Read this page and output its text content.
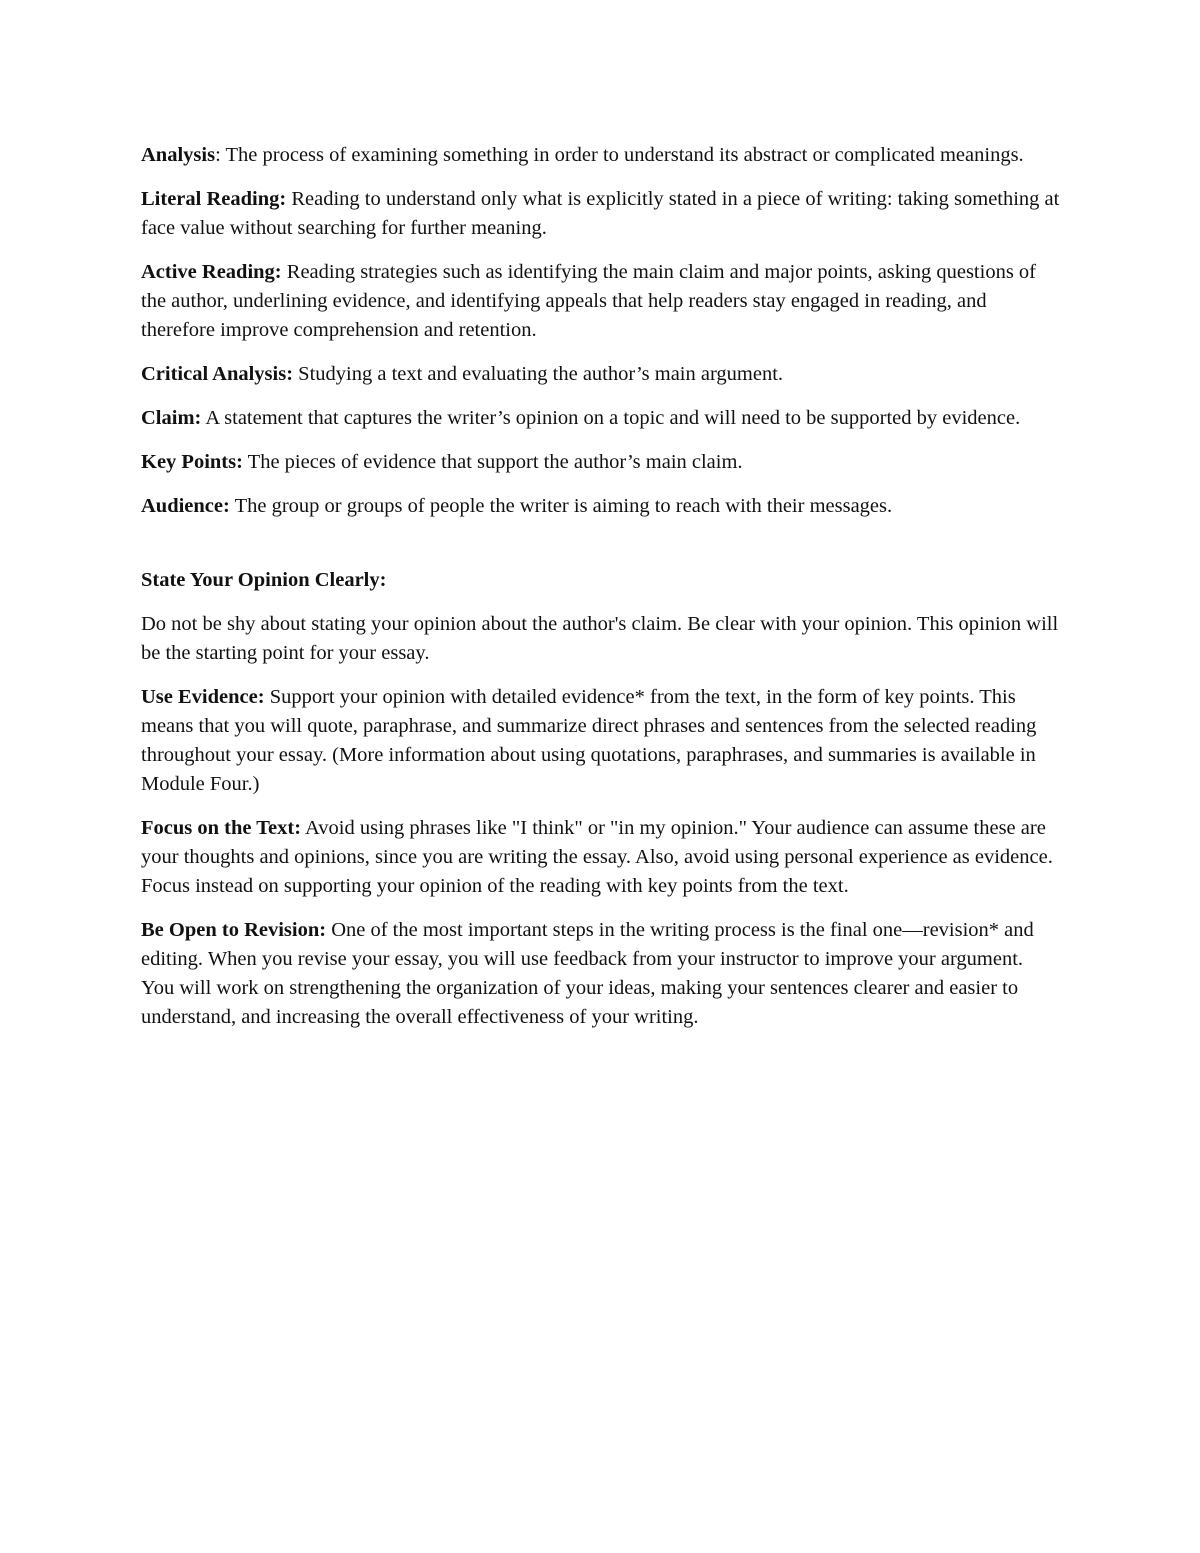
Analysis: The process of examining something in order to understand its abstract or complicated meanings.

Literal Reading: Reading to understand only what is explicitly stated in a piece of writing: taking something at face value without searching for further meaning.

Active Reading: Reading strategies such as identifying the main claim and major points, asking questions of the author, underlining evidence, and identifying appeals that help readers stay engaged in reading, and therefore improve comprehension and retention.

Critical Analysis: Studying a text and evaluating the author’s main argument.

Claim: A statement that captures the writer’s opinion on a topic and will need to be supported by evidence.

Key Points: The pieces of evidence that support the author’s main claim.

Audience: The group or groups of people the writer is aiming to reach with their messages.

State Your Opinion Clearly:

Do not be shy about stating your opinion about the author's claim. Be clear with your opinion. This opinion will be the starting point for your essay.

Use Evidence: Support your opinion with detailed evidence* from the text, in the form of key points. This means that you will quote, paraphrase, and summarize direct phrases and sentences from the selected reading throughout your essay. (More information about using quotations, paraphrases, and summaries is available in Module Four.)

Focus on the Text: Avoid using phrases like "I think" or "in my opinion." Your audience can assume these are your thoughts and opinions, since you are writing the essay. Also, avoid using personal experience as evidence. Focus instead on supporting your opinion of the reading with key points from the text.

Be Open to Revision: One of the most important steps in the writing process is the final one—revision* and editing. When you revise your essay, you will use feedback from your instructor to improve your argument. You will work on strengthening the organization of your ideas, making your sentences clearer and easier to understand, and increasing the overall effectiveness of your writing.
